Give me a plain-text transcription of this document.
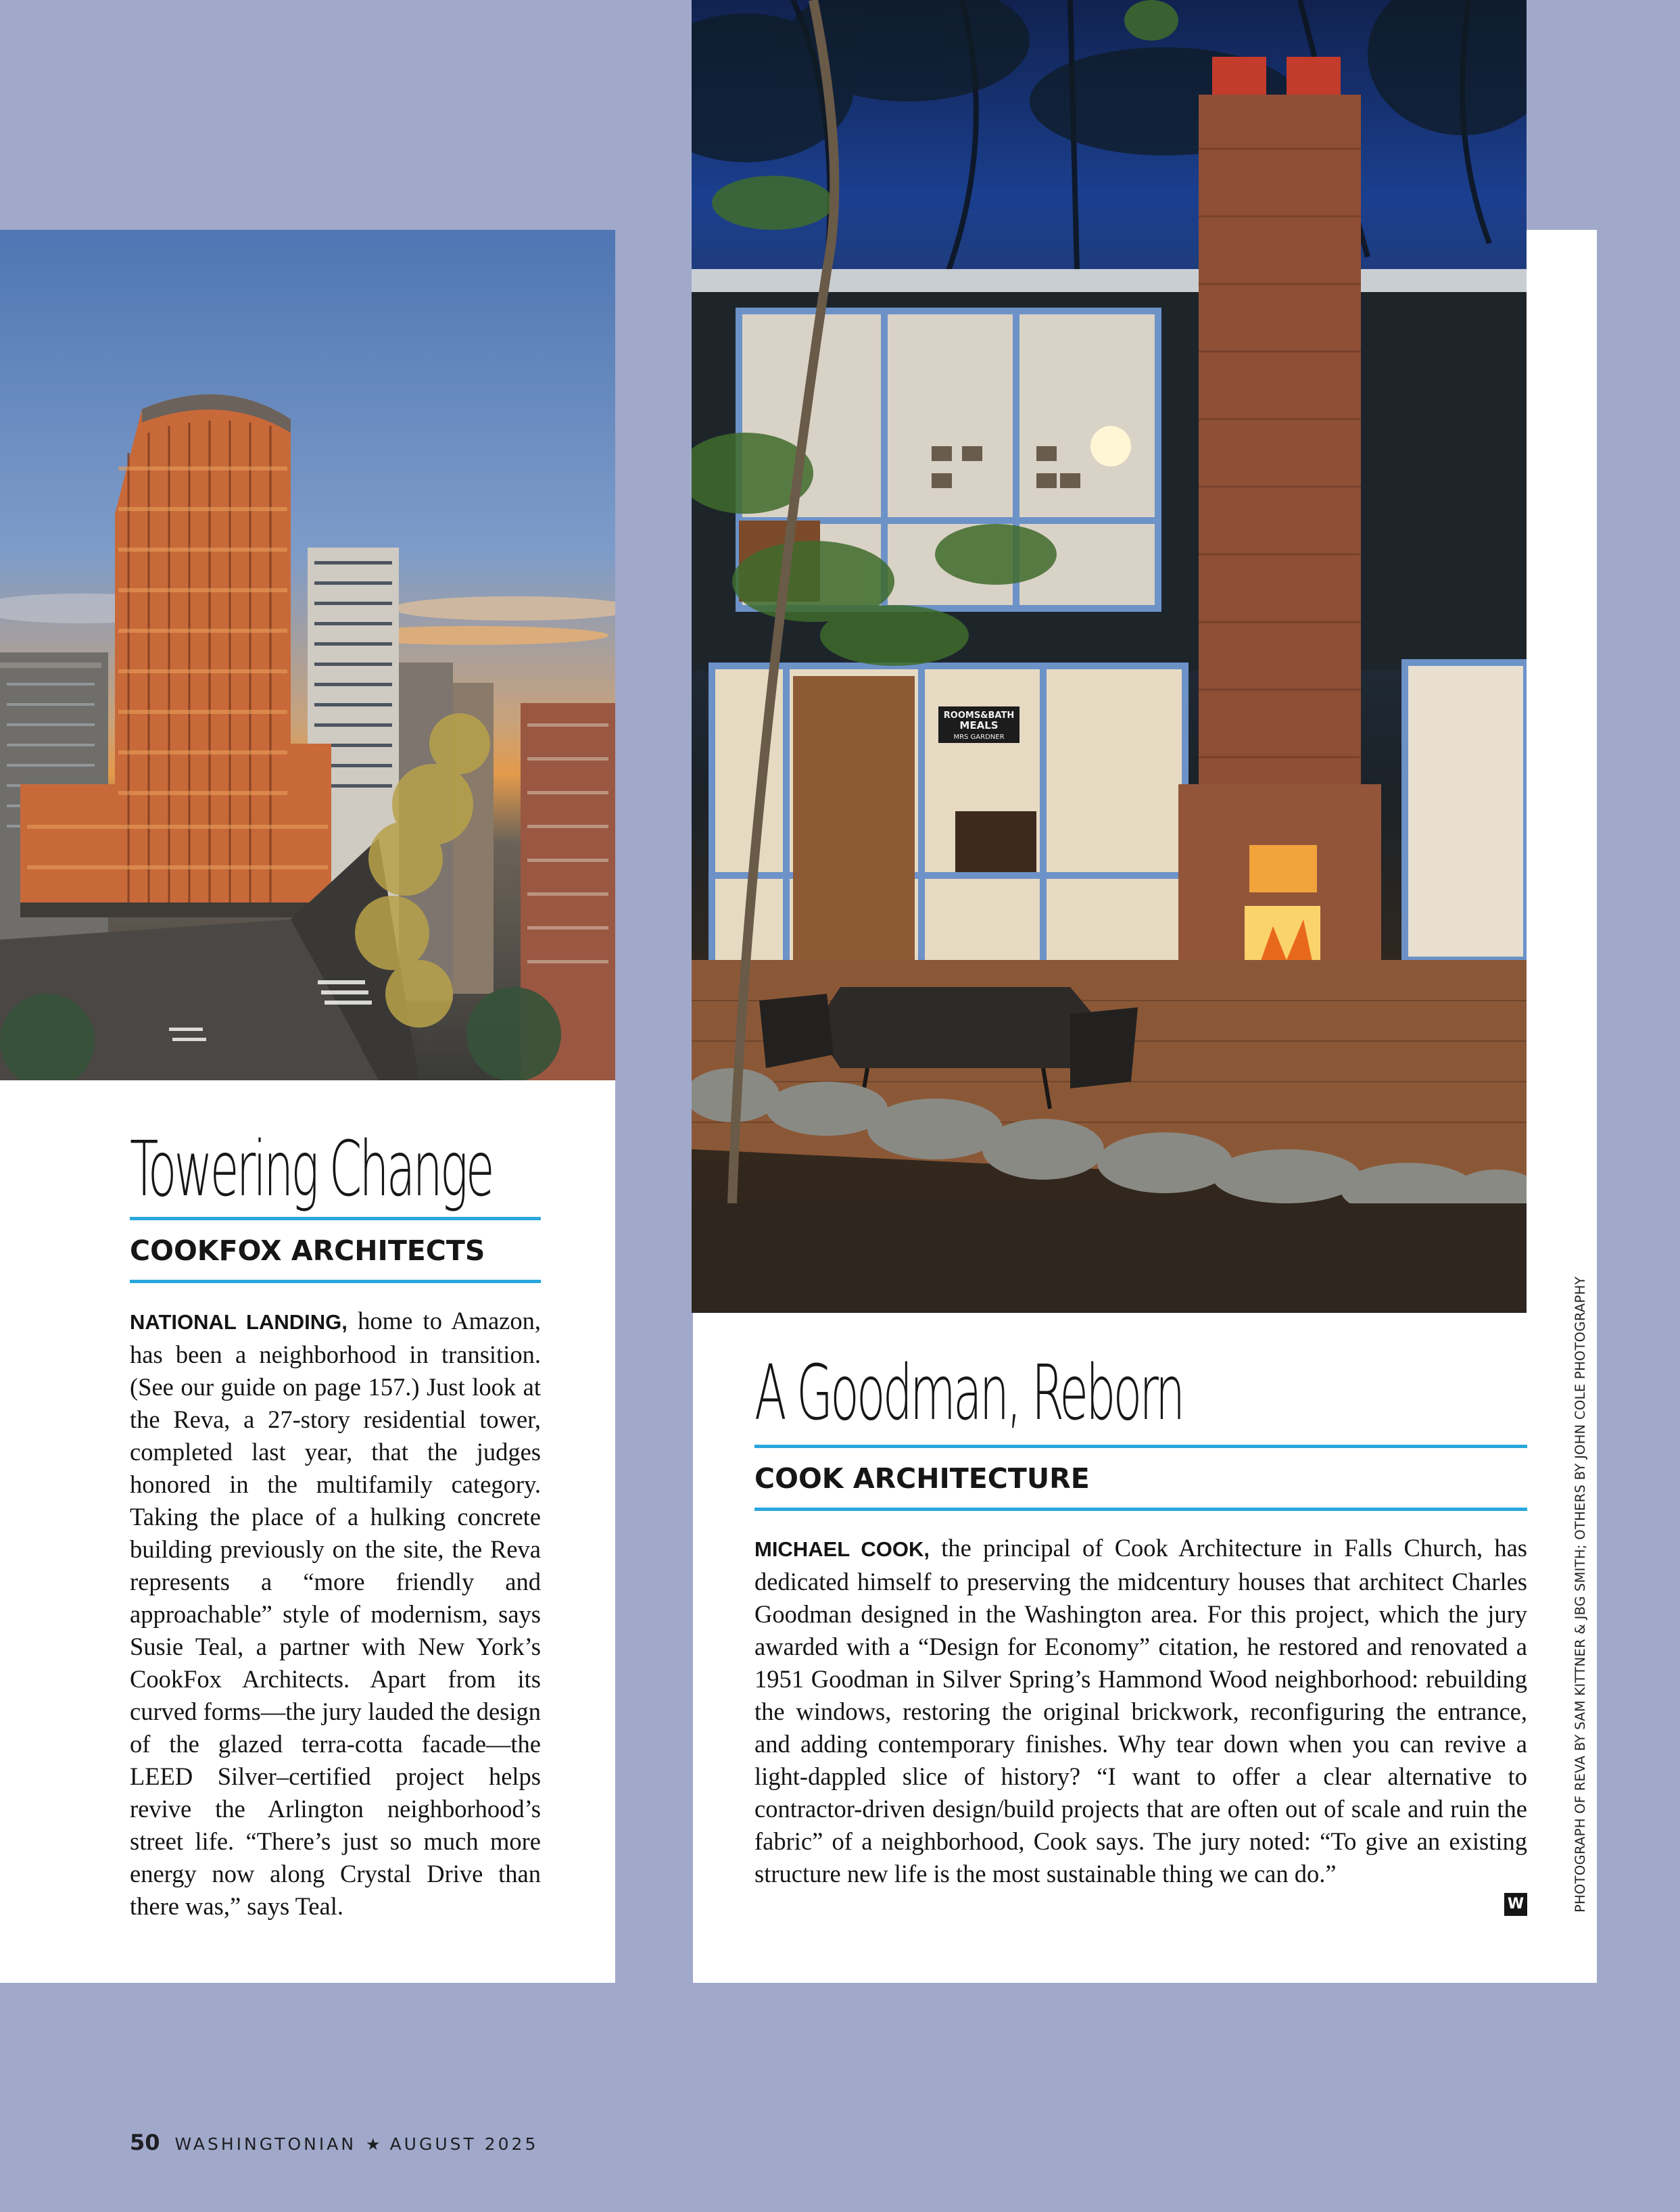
Towering Change
COOKFOX ARCHITECTS

NATIONAL LANDING, home to Amazon, has been a neighborhood in transition. (See our guide on page 157.) Just look at the Reva, a 27-story residential tower, completed last year, that the judges honored in the multifamily category. Taking the place of a hulking concrete building previously on the site, the Reva represents a “more friendly and approachable” style of modernism, says Susie Teal, a partner with New York’s CookFox Architects. Apart from its curved forms—the jury lauded the design of the glazed terra-cotta facade—the LEED Silver–certified project helps revive the Arlington neighborhood’s street life. “There’s just so much more energy now along Crystal Drive than there was,” says Teal.

ROOMS&BATH
MEALS
MRS GARDNER
A Goodman, Reborn
COOK ARCHITECTURE

MICHAEL COOK, the principal of Cook Architecture in Falls Church, has dedicated himself to preserving the midcentury houses that architect Charles Goodman designed in the Washington area. For this project, which the jury awarded with a “Design for Economy” citation, he restored and renovated a 1951 Goodman in Silver Spring’s Hammond Wood neighborhood: rebuilding the windows, restoring the original brickwork, reconfiguring the entrance, and adding contemporary finishes. Why tear down when you can revive a light-dappled slice of history? “I want to offer a clear alternative to contractor-driven design/build projects that are often out of scale and ruin the fabric” of a neighborhood, Cook says. The jury noted: “To give an existing structure new life is the most sustainable thing we can do.”

W	PHOTOGRAPH OF REVA BY SAM KITTNER & JBG SMITH; OTHERS BY JOHN COLE PHOTOGRAPHY
50 WASHINGTONIAN ★ AUGUST 2025
